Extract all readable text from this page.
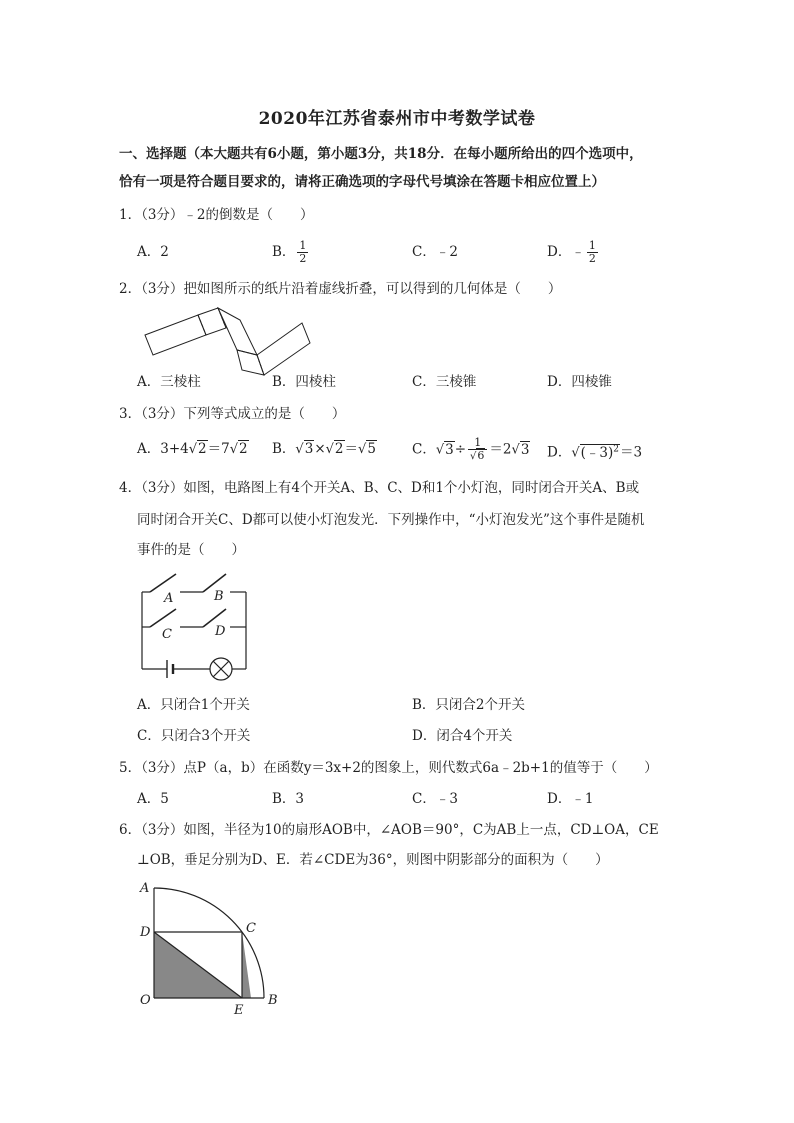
2020年江苏省泰州市中考数学试卷
一、选择题（本大题共有6小题，第小题3分，共18分．在每小题所给出的四个选项中，
恰有一项是符合题目要求的，请将正确选项的字母代号填涂在答题卡相应位置上）
1．（3分）﹣2的倒数是（　　）
A．2	B． $\frac{1}{2}$	C．﹣2	D．﹣ $\frac{1}{2}$
2．（3分）把如图所示的纸片沿着虚线折叠，可以得到的几何体是（　　）
A．三棱柱	B．四棱柱	C．三棱锥	D．四棱锥
3．（3分）下列等式成立的是（　　）
A．3+4√2＝7√2 B．√3×√2＝√5	C．$√3\div \frac{1}{√6} =2√3$ D．√(﹣3)$^2$＝3
4．（3分）如图，电路图上有4个开关A、B、C、D和1个小灯泡，同时闭合开关A、B或
同时闭合开关C、D都可以使小灯泡发光．下列操作中，“小灯泡发光”这个事件是随机
事件的是（　　）
A	B
C	D
A．只闭合1个开关	B．只闭合2个开关
C．只闭合3个开关	D．闭合4个开关
5．（3分）点P（a，b）在函数y＝3x+2的图象上，则代数式6a﹣2b+1的值等于（　　）
A．5	B．3	C．﹣3	D．﹣1
6．（3分）如图，半径为10的扇形AOB中，∠AOB＝90°，C为AB上一点，CD⊥OA，CE
⊥OB，垂足分别为D、E．若∠CDE为36°，则图中阴影部分的面积为（　　）
A
D	C
O
E
B
